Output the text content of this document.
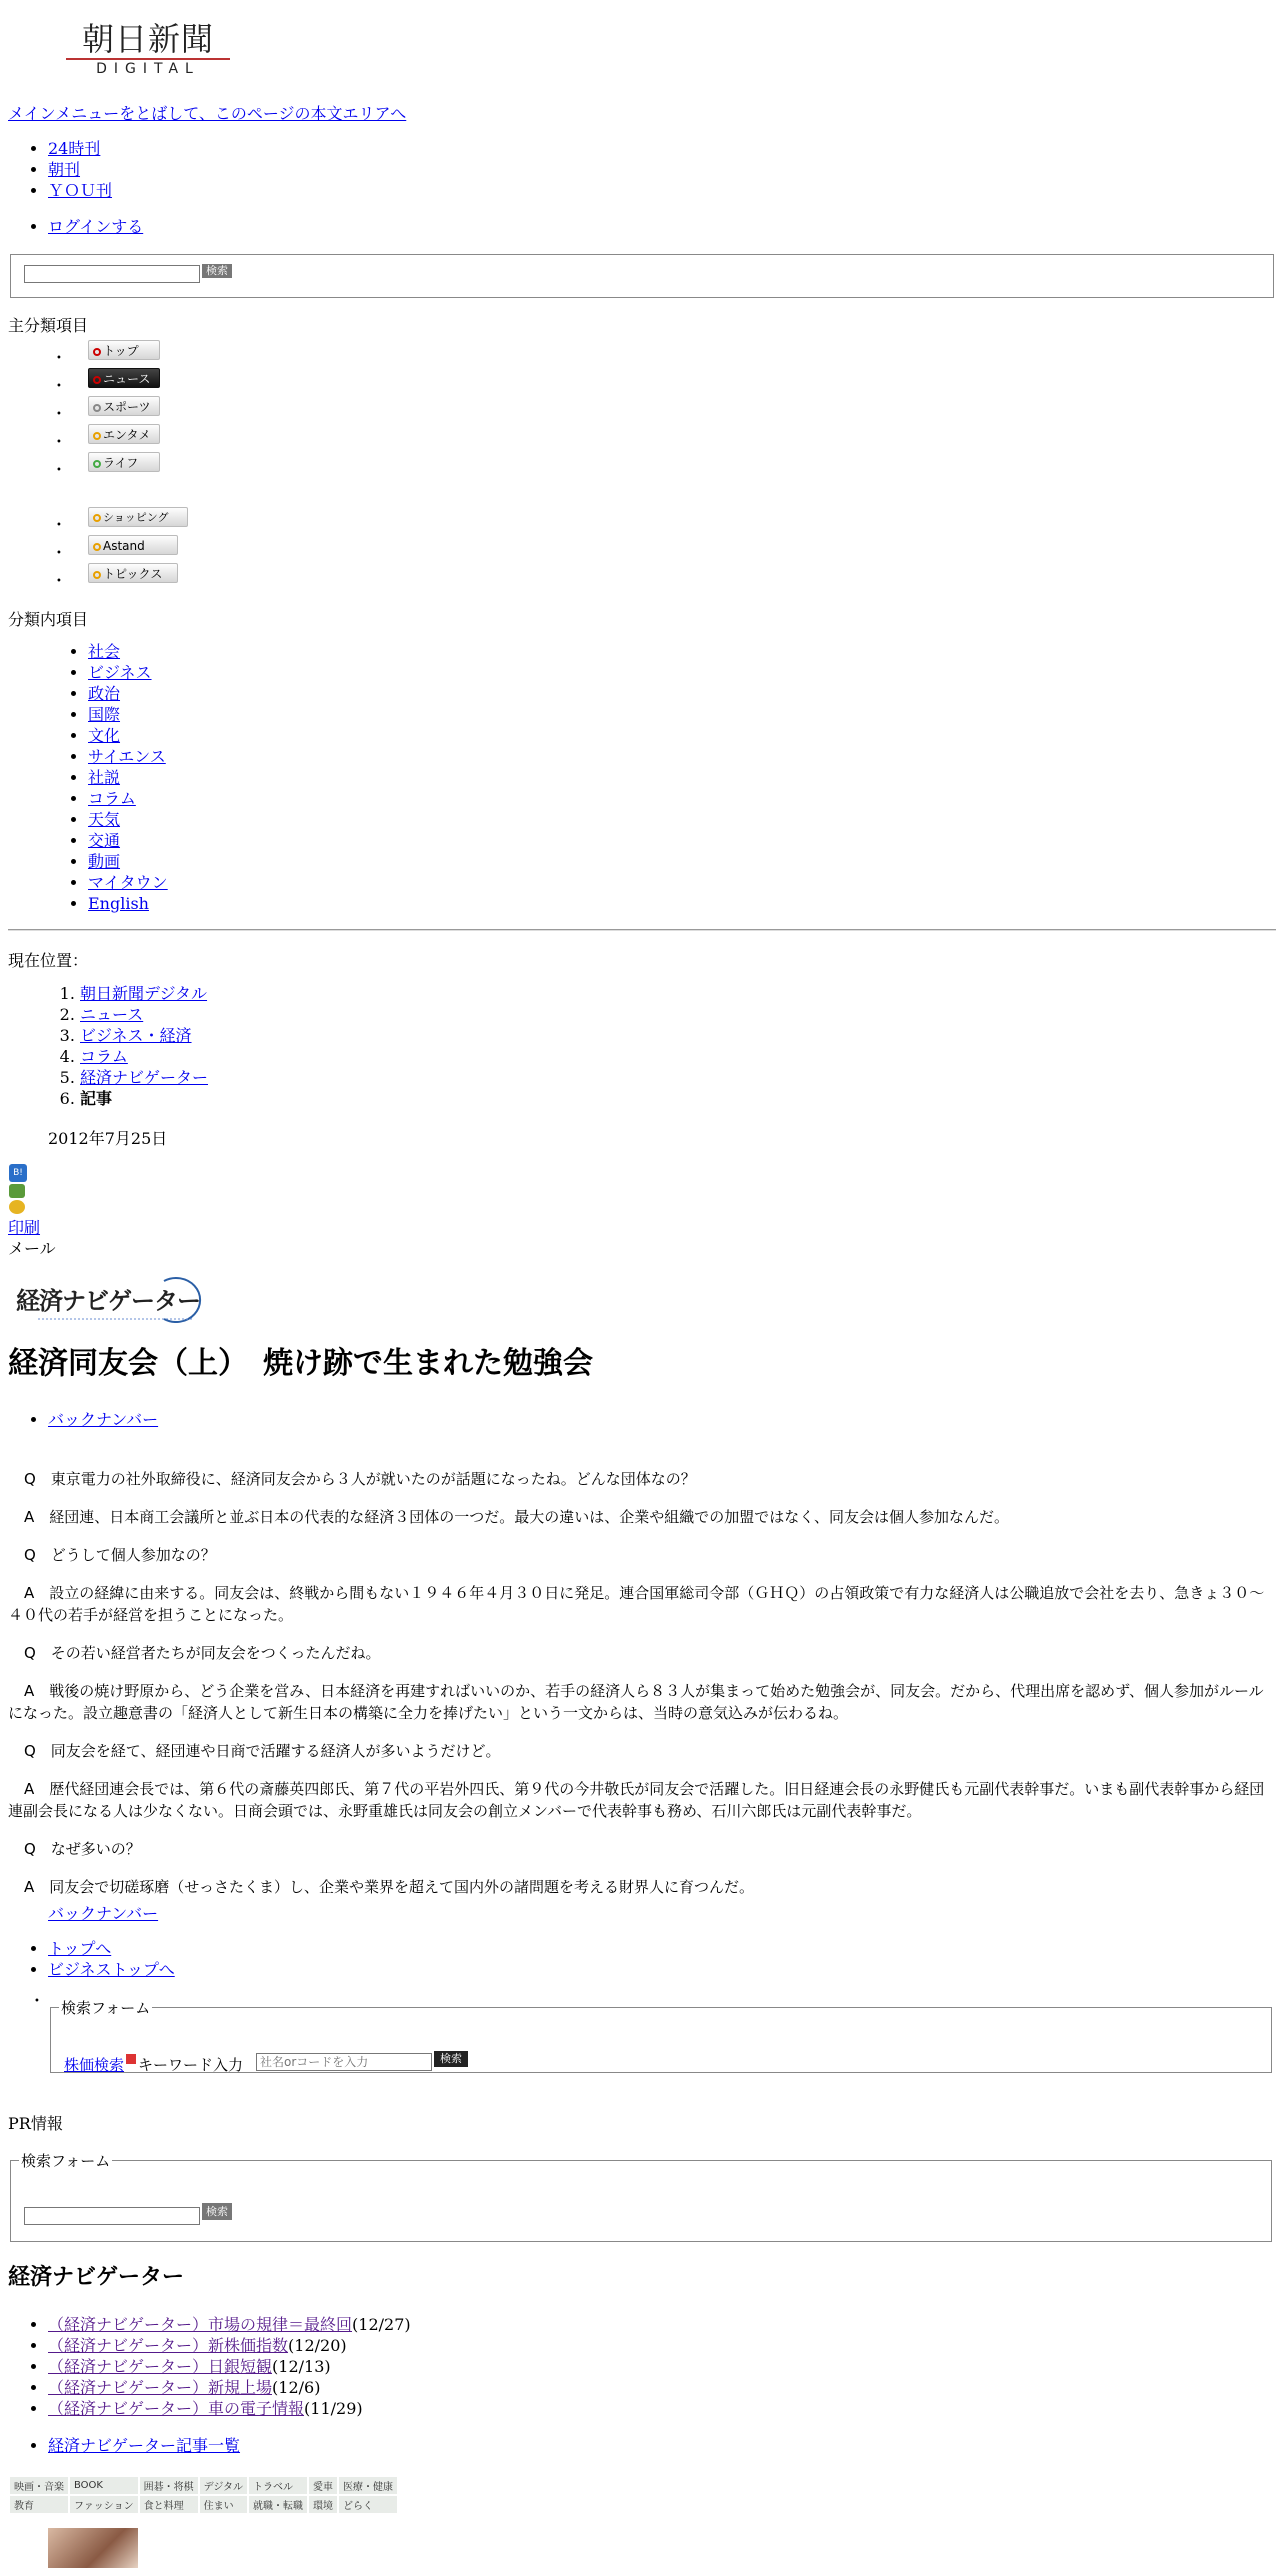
朝日新聞
DIGITAL
メインメニューをとばして、このページの本文エリアへ
• 24時刊
• 朝刊
• ＹＯＵ刊
• ログインする
検索
主分類項目
•
トップ
•
ニュース
•
スポーツ
•
エンタメ
•
ライフ
•
ショッピング
•
Astand
•
トピックス
分類内項目
• 社会
• ビジネス
• 政治
• 国際
• 文化
• サイエンス
• 社説
• コラム
• 天気
• 交通
• 動画
• マイタウン
• English
現在位置：
1. 朝日新聞デジタル
2. ニュース
3. ビジネス・経済
4. コラム
5. 経済ナビゲーター
6. 記事
2012年7月25日
B!
印刷
メール
経済ナビゲーター
経済同友会（上）　焼け跡で生まれた勉強会
• バックナンバー

Q　東京電力の社外取締役に、経済同友会から３人が就いたのが話題になったね。どんな団体なの？

A　経団連、日本商工会議所と並ぶ日本の代表的な経済３団体の一つだ。最大の違いは、企業や組織での加盟ではなく、同友会は個人参加なんだ。

Q　どうして個人参加なの？

A　設立の経緯に由来する。同友会は、終戦から間もない１９４６年４月３０日に発足。連合国軍総司令部（ＧＨＱ）の占領政策で有力な経済人は公職追放で会社を去り、急きょ３０～４０代の若手が経営を担うことになった。

Q　その若い経営者たちが同友会をつくったんだね。

A　戦後の焼け野原から、どう企業を営み、日本経済を再建すればいいのか、若手の経済人ら８３人が集まって始めた勉強会が、同友会。だから、代理出席を認めず、個人参加がルールになった。設立趣意書の「経済人として新生日本の構築に全力を捧げたい」という一文からは、当時の意気込みが伝わるね。

Q　同友会を経て、経団連や日商で活躍する経済人が多いようだけど。

A　歴代経団連会長では、第６代の斎藤英四郎氏、第７代の平岩外四氏、第９代の今井敬氏が同友会で活躍した。旧日経連会長の永野健氏も元副代表幹事だ。いまも副代表幹事から経団連副会長になる人は少なくない。日商会頭では、永野重雄氏は同友会の創立メンバーで代表幹事も務め、石川六郎氏は元副代表幹事だ。

Q　なぜ多いの？

A　同友会で切磋琢磨（せっさたくま）し、企業や業界を超えて国内外の諸問題を考える財界人に育つんだ。

バックナンバー
• トップへ
• ビジネストップへ
• 検索フォーム
株価検索 キーワード入力
社名orコードを入力	検索
PR情報
検索フォーム
検索
経済ナビゲーター
• （経済ナビゲーター）市場の規律＝最終回(12/27)
• （経済ナビゲーター）新株価指数(12/20)
• （経済ナビゲーター）日銀短観(12/13)
• （経済ナビゲーター）新規上場(12/6)
• （経済ナビゲーター）車の電子情報(11/29)
• 経済ナビゲーター記事一覧
映画・音楽	BOOK	囲碁・将棋	デジタル	トラベル	愛車	医療・健康
教育	ファッション	食と料理	住まい	就職・転職	環境	どらく
